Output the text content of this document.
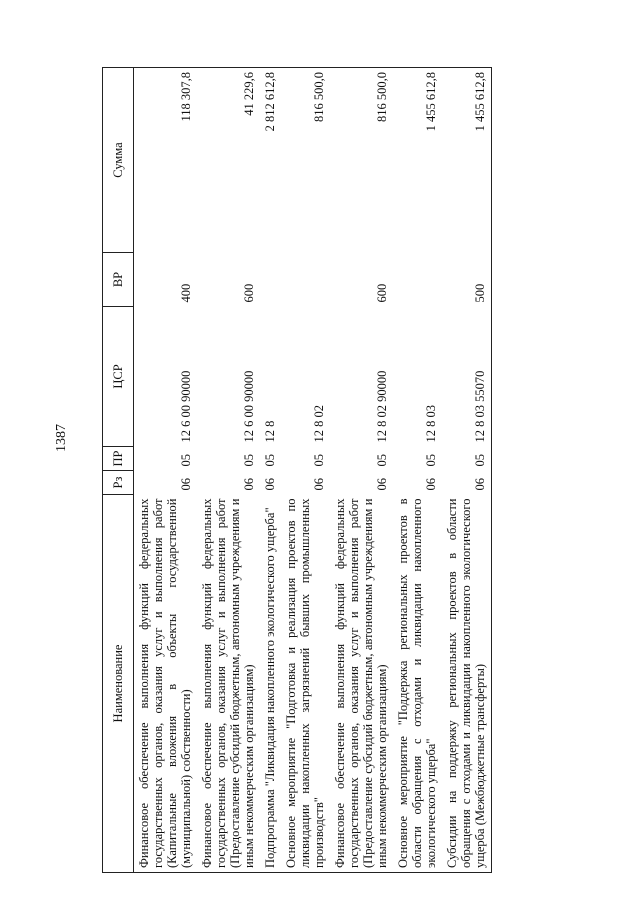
1387
Наименование	Рз	ПР	ЦСР	ВР	Сумма
Финансовое обеспечение выполнения функций федеральных государственных органов, оказания услуг и выполнения работ (Капитальные вложения в объекты государственной (муниципальной) собственности)	06	05	12 6 00 90000	400	118 307,8
Финансовое обеспечение выполнения функций федеральных государственных органов, оказания услуг и выполнения работ (Предоставление субсидий бюджетным, автономным учреждениям и иным некоммерческим организациям)	06	05	12 6 00 90000	600	41 229,6
Подпрограмма "Ликвидация накопленного экологического ущерба"	06	05	12 8		2 812 612,8
Основное мероприятие "Подготовка и реализация проектов по ликвидации накопленных загрязнений бывших промышленных производств"	06	05	12 8 02		816 500,0
Финансовое обеспечение выполнения функций федеральных государственных органов, оказания услуг и выполнения работ (Предоставление субсидий бюджетным, автономным учреждениям и иным некоммерческим организациям)	06	05	12 8 02 90000	600	816 500,0
Основное мероприятие "Поддержка региональных проектов в области обращения с отходами и ликвидации накопленного экологического ущерба"	06	05	12 8 03		1 455 612,8
Субсидии на поддержку региональных проектов в области обращения с отходами и ликвидации накопленного экологического ущерба (Межбюджетные трансферты)	06	05	12 8 03 55070	500	1 455 612,8
